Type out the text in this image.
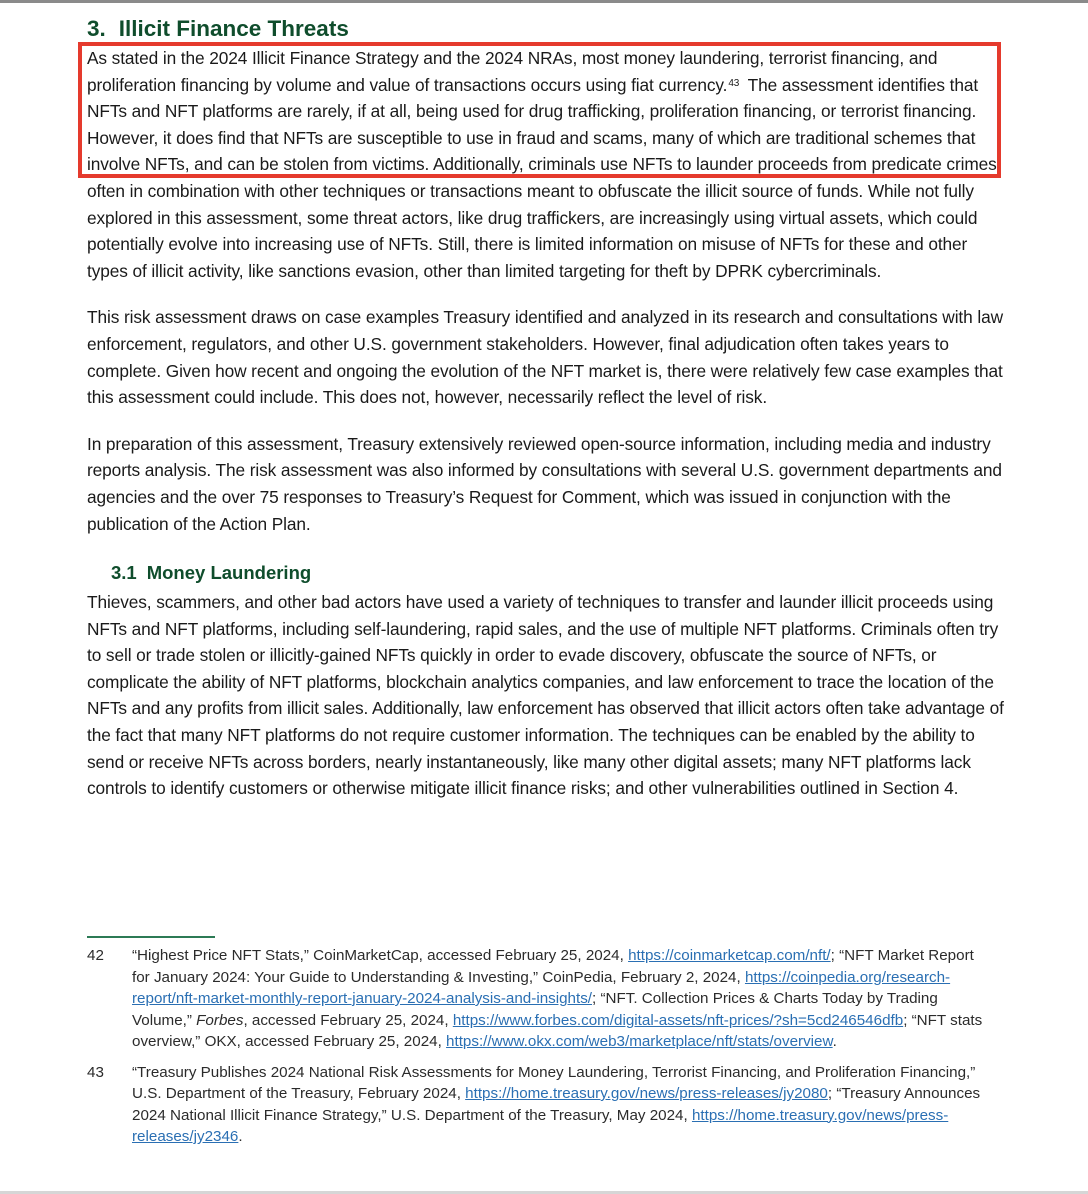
3. Illicit Finance Threats

As stated in the 2024 Illicit Finance Strategy and the 2024 NRAs, most money laundering, terrorist financing, and proliferation financing by volume and value of transactions occurs using fiat currency.$^{43}$ The assessment identifies that NFTs and NFT platforms are rarely, if at all, being used for drug trafficking, proliferation financing, or terrorist financing. However, it does find that NFTs are susceptible to use in fraud and scams, many of which are traditional schemes that involve NFTs, and can be stolen from victims. Additionally, criminals use NFTs to launder proceeds from predicate crimes often in combination with other techniques or transactions meant to obfuscate the illicit source of funds. While not fully explored in this assessment, some threat actors, like drug traffickers, are increasingly using virtual assets, which could potentially evolve into increasing use of NFTs. Still, there is limited information on misuse of NFTs for these and other types of illicit activity, like sanctions evasion, other than limited targeting for theft by DPRK cybercriminals.

This risk assessment draws on case examples Treasury identified and analyzed in its research and consultations with law enforcement, regulators, and other U.S. government stakeholders. However, final adjudication often takes years to complete. Given how recent and ongoing the evolution of the NFT market is, there were relatively few case examples that this assessment could include. This does not, however, necessarily reflect the level of risk.

In preparation of this assessment, Treasury extensively reviewed open-source information, including media and industry reports analysis. The risk assessment was also informed by consultations with several U.S. government departments and agencies and the over 75 responses to Treasury’s Request for Comment, which was issued in conjunction with the publication of the Action Plan.

3.1 Money Laundering

Thieves, scammers, and other bad actors have used a variety of techniques to transfer and launder illicit proceeds using NFTs and NFT platforms, including self-laundering, rapid sales, and the use of multiple NFT platforms. Criminals often try to sell or trade stolen or illicitly-gained NFTs quickly in order to evade discovery, obfuscate the source of NFTs, or complicate the ability of NFT platforms, blockchain analytics companies, and law enforcement to trace the location of the NFTs and any profits from illicit sales. Additionally, law enforcement has observed that illicit actors often take advantage of the fact that many NFT platforms do not require customer information. The techniques can be enabled by the ability to send or receive NFTs across borders, nearly instantaneously, like many other digital assets; many NFT platforms lack controls to identify customers or otherwise mitigate illicit finance risks; and other vulnerabilities outlined in Section 4.

42	“Highest Price NFT Stats,” CoinMarketCap, accessed February 25, 2024, https://coinmarketcap.com/nft/; “NFT Market Report for January 2024: Your Guide to Understanding & Investing,” CoinPedia, February 2, 2024, https://coinpedia.org/research-report/nft-market-monthly-report-january-2024-analysis-and-insights/; “NFT. Collection Prices & Charts Today by Trading Volume,” Forbes, accessed February 25, 2024, https://www.forbes.com/digital-assets/nft-prices/?sh=5cd246546dfb; “NFT stats overview,” OKX, accessed February 25, 2024, https://www.okx.com/web3/marketplace/nft/stats/overview.
43	“Treasury Publishes 2024 National Risk Assessments for Money Laundering, Terrorist Financing, and Proliferation Financing,” U.S. Department of the Treasury, February 2024, https://home.treasury.gov/news/press-releases/jy2080; “Treasury Announces 2024 National Illicit Finance Strategy,” U.S. Department of the Treasury, May 2024, https://home.treasury.gov/news/press-releases/jy2346.
